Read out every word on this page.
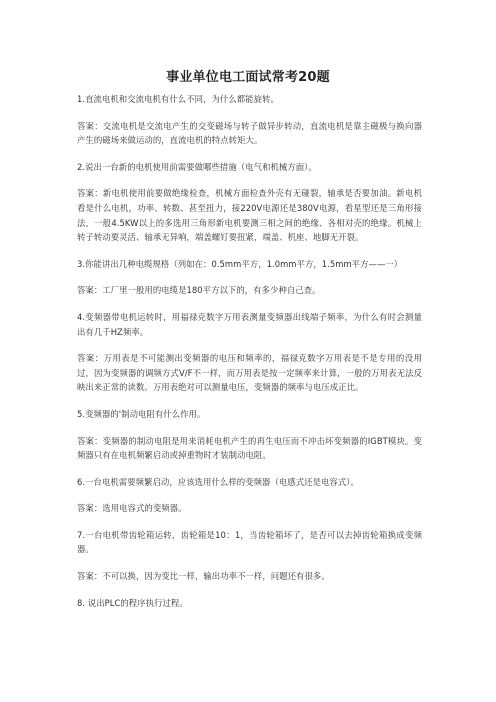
事业单位电工面试常考20题

1.直流电机和交流电机有什么不同，为什么都能旋转。

答案：交流电机是交流电产生的交变磁场与转子做异步转动，直流电机是靠主磁极与换向器产生的磁场来做运动的，直流电机的特点转矩大。

2.说出一台新的电机使用前需要做哪些措施（电气和机械方面）。

答案：新电机使用前要做绝缘检查，机械方面检查外壳有无碰裂，轴承是否要加油。新电机看是什么电机，功率、转数、甚至扭力，接220V电源还是380V电源，看星型还是三角形接法，一般4.5KW以上的多选用三角形新电机要测三相之间的绝缘、各相对壳的绝缘。机械上转子转动要灵活、轴承无异响，端盖螺钉要扭紧，端盖、机座、地脚无开裂。

3.你能讲出几种电缆规格（列如在：0.5mm平方，1.0mm平方，1.5mm平方——一）

答案：工厂里一般用的电缆是180平方以下的，有多少种自己查。

4.变频器带电机运转时，用福禄克数字万用表测量变频器出线端子频率，为什么有时会测量出有几千HZ频率。

答案：万用表是不可能测出变频器的电压和频率的，福禄克数字万用表是不是专用的没用过，因为变频器的调频方式V/F不一样，而万用表是按一定频率来计算，一般的万用表无法反映出来正常的读数。万用表绝对可以测量电压，变频器的频率与电压成正比。

5.变频器的'制动电阻有什么作用。

答案：变频器的制动电阻是用来消耗电机产生的再生电压而不冲击坏变频器的IGBT模块。变频器只有在电机频繁启动或掉重物时才装制动电阻。

6.一台电机需要频繁启动，应该选用什么样的变频器（电感式还是电容式）。

答案：选用电容式的变频器。

7.一台电机带齿轮箱运转，齿轮箱是10：1，当齿轮箱坏了，是否可以去掉齿轮箱换成变频器。

答案：不可以换，因为变比一样，输出功率不一样，问题还有很多。

8. 说出PLC的程序执行过程。
